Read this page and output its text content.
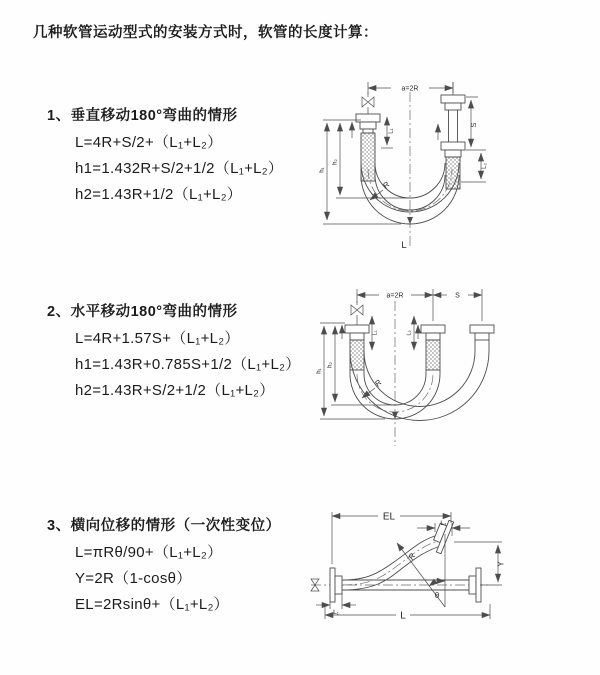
几种软管运动型式的安装方式时，软管的长度计算：
1、垂直移动180°弯曲的情形
L=4R+S/2+（L₁+L₂）
h1=1.432R+S/2+1/2（L₁+L₂）
h2=1.43R+1/2（L₁+L₂）
2、水平移动180°弯曲的情形
L=4R+1.57S+（L₁+L₂）
h1=1.43R+0.785S+1/2（L₁+L₂）
h2=1.43R+S/2+1/2（L₁+L₂）
3、横向位移的情形（一次性变位）
L=πRθ/90+（L₁+L₂）
Y=2R（1-cosθ）
EL=2Rsinθ+（L₁+L₂）
a=2R
L₁
h₁
h₂
S
L₂
R
L
a=2R	S
L₁	L₂
h₁
h₂
R
EL
L₂
Y
θ
R
L
L₁
